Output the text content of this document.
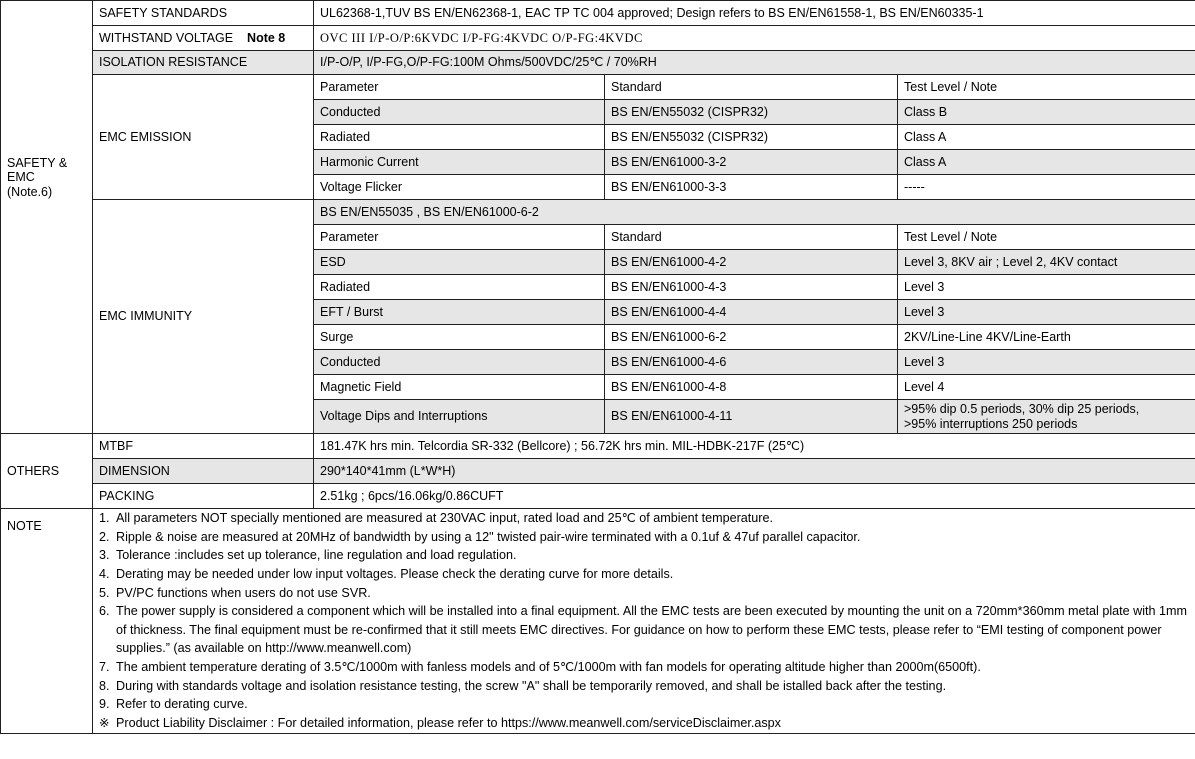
SAFETY &
EMC
(Note.6)	SAFETY STANDARDS	UL62368-1,TUV BS EN/EN62368-1, EAC TP TC 004 approved; Design refers to BS EN/EN61558-1, BS EN/EN60335-1		
	WITHSTAND VOLTAGE Note 8	OVC III I/P-O/P:6KVDC I/P-FG:4KVDC O/P-FG:4KVDC		
	ISOLATION RESISTANCE	I/P-O/P, I/P-FG,O/P-FG:100M Ohms/500VDC/25℃ / 70%RH		
	EMC EMISSION	Parameter	Standard	Test Level / Note
		Conducted	BS EN/EN55032 (CISPR32)	Class B
		Radiated	BS EN/EN55032 (CISPR32)	Class A
		Harmonic Current	BS EN/EN61000-3-2	Class A
		Voltage Flicker	BS EN/EN61000-3-3	-----
	EMC IMMUNITY	BS EN/EN55035 , BS EN/EN61000-6-2		
		Parameter	Standard	Test Level / Note
		ESD	BS EN/EN61000-4-2	Level 3, 8KV air ; Level 2, 4KV contact
		Radiated	BS EN/EN61000-4-3	Level 3
		EFT / Burst	BS EN/EN61000-4-4	Level 3
		Surge	BS EN/EN61000-6-2	2KV/Line-Line 4KV/Line-Earth
		Conducted	BS EN/EN61000-4-6	Level 3
		Magnetic Field	BS EN/EN61000-4-8	Level 4
		Voltage Dips and Interruptions	BS EN/EN61000-4-11	>95% dip 0.5 periods, 30% dip 25 periods,
>95% interruptions 250 periods

OTHERS	MTBF	181.47K hrs min. Telcordia SR-332 (Bellcore) ; 56.72K hrs min. MIL-HDBK-217F (25℃)		
	DIMENSION	290*140*41mm (L*W*H)		
	PACKING	2.51kg ; 6pcs/16.06kg/0.86CUFT		
NOTE	
1. All parameters NOT specially mentioned are measured at 230VAC input, rated load and 25℃ of ambient temperature.
2. Ripple & noise are measured at 20MHz of bandwidth by using a 12" twisted pair-wire terminated with a 0.1uf & 47uf parallel capacitor.
3. Tolerance :includes set up tolerance, line regulation and load regulation.
4. Derating may be needed under low input voltages. Please check the derating curve for more details.
5. PV/PC functions when users do not use SVR.
6. The power supply is considered a component which will be installed into a final equipment. All the EMC tests are been executed by mounting the unit on a 720mm*360mm metal plate with 1mm of thickness. The final equipment must be re-confirmed that it still meets EMC directives. For guidance on how to perform these EMC tests, please refer to “EMI testing of component power supplies.” (as available on http://www.meanwell.com)
7. The ambient temperature derating of 3.5℃/1000m with fanless models and of 5℃/1000m with fan models for operating altitude higher than 2000m(6500ft).
8. During with standards voltage and isolation resistance testing, the screw "A" shall be temporarily removed, and shall be istalled back after the testing.
9. Refer to derating curve.
※ Product Liability Disclaimer : For detailed information, please refer to https://www.meanwell.com/serviceDisclaimer.aspx
